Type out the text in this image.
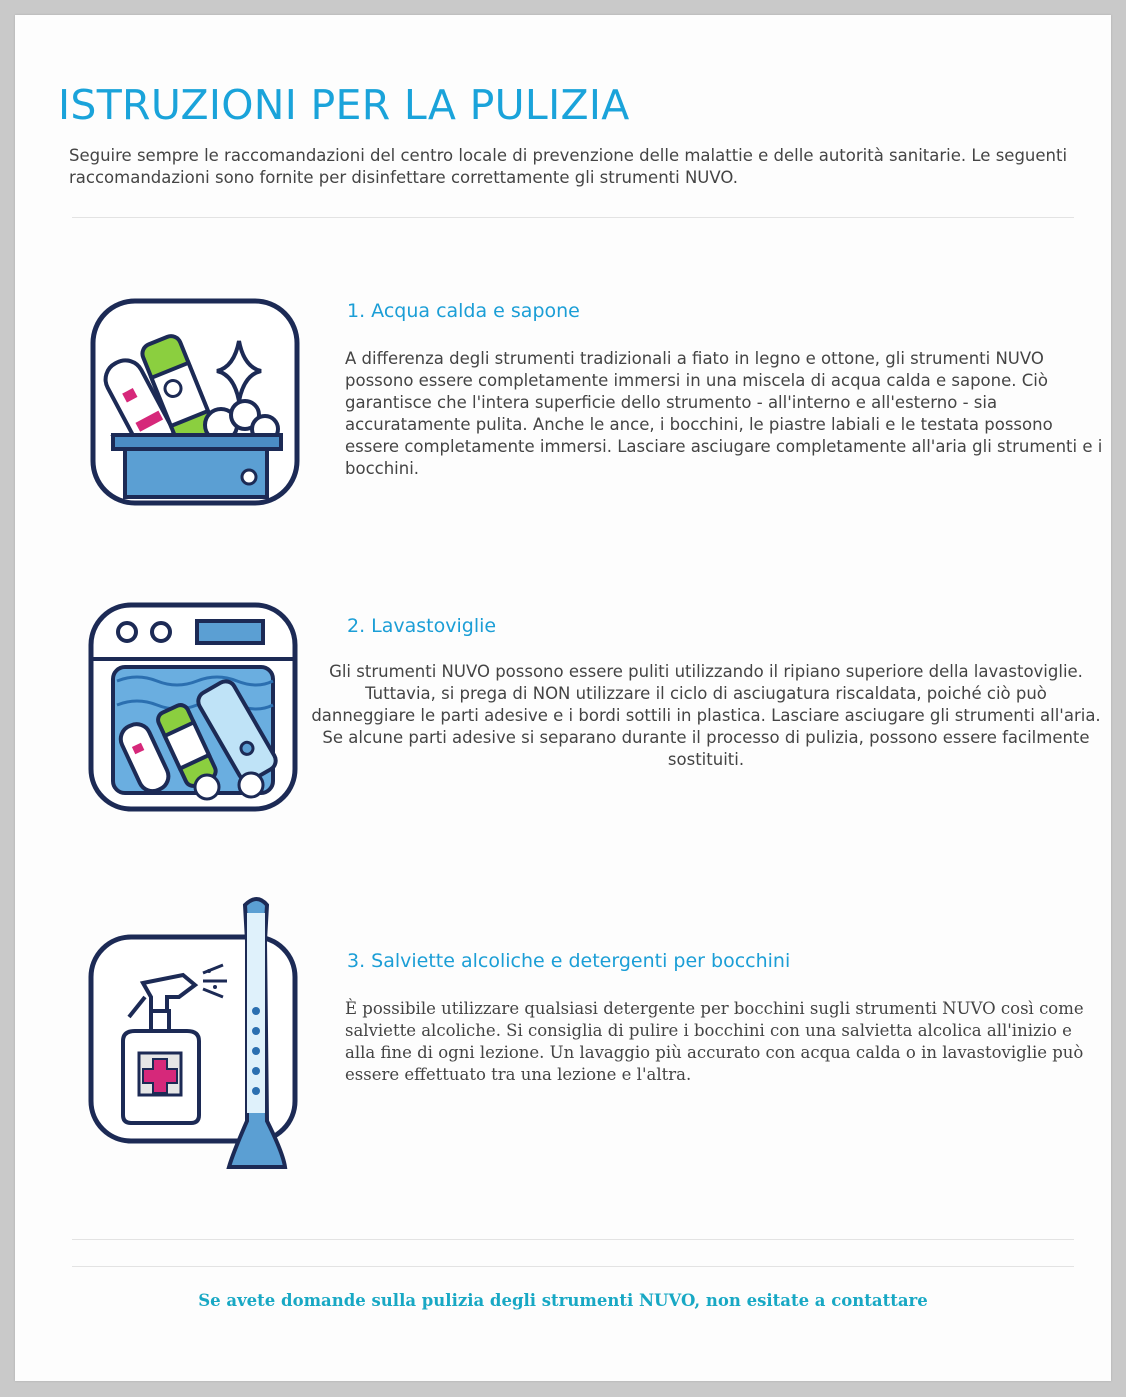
ISTRUZIONI PER LA PULIZIA

Seguire sempre le raccomandazioni del centro locale di prevenzione delle malattie e delle autorità sanitarie. Le seguenti raccomandazioni sono fornite per disinfettare correttamente gli strumenti NUVO.

1. Acqua calda e sapone

A differenza degli strumenti tradizionali a fiato in legno e ottone, gli strumenti NUVO possono essere completamente immersi in una miscela di acqua calda e sapone. Ciò garantisce che l'intera superficie dello strumento - all'interno e all'esterno - sia accuratamente pulita. Anche le ance, i bocchini, le piastre labiali e le testata possono essere completamente immersi. Lasciare asciugare completamente all'aria gli strumenti e i bocchini.

2. Lavastoviglie

Gli strumenti NUVO possono essere puliti utilizzando il ripiano superiore della lavastoviglie. Tuttavia, si prega di NON utilizzare il ciclo di asciugatura riscaldata, poiché ciò può danneggiare le parti adesive e i bordi sottili in plastica. Lasciare asciugare gli strumenti all'aria. Se alcune parti adesive si separano durante il processo di pulizia, possono essere facilmente sostituiti.

3. Salviette alcoliche e detergenti per bocchini

È possibile utilizzare qualsiasi detergente per bocchini sugli strumenti NUVO così come salviette alcoliche. Si consiglia di pulire i bocchini con una salvietta alcolica all'inizio e alla fine di ogni lezione. Un lavaggio più accurato con acqua calda o in lavastoviglie può essere effettuato tra una lezione e l'altra.

Se avete domande sulla pulizia degli strumenti NUVO, non esitate a contattare
